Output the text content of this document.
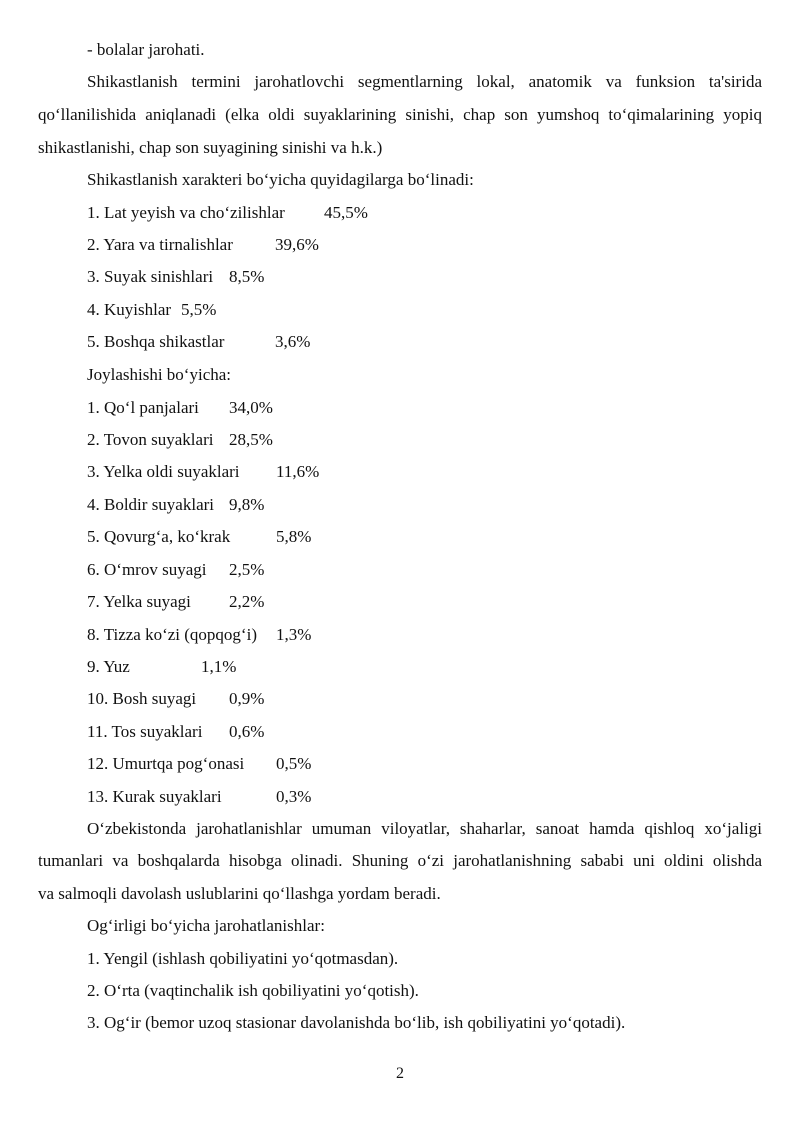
- bolalar jarohati.
Shikastlanish termini jarohatlovchi segmentlarning lokal, anatomik va funksion ta'sirida
qo‘llanilishida aniqlanadi (elka oldi suyaklarining sinishi, chap son yumshoq to‘qimalarining yopiq
shikastlanishi, chap son suyagining sinishi va h.k.)
Shikastlanish xarakteri bo‘yicha quyidagilarga bo‘linadi:
1. Lat yeyish va cho‘zilishlar 45,5%
2. Yara va tirnalishlar 39,6%
3. Suyak sinishlari 8,5%
4. Kuyishlar 5,5%
5. Boshqa shikastlar	3,6%
Joylashishi bo‘yicha:
1. Qo‘l panjalari 34,0%
2. Tovon suyaklari 28,5%
3. Yelka oldi suyaklari 11,6%
4. Boldir suyaklari 9,8%
5. Qovurg‘a, ko‘krak	5,8%
6. O‘mrov suyagi 2,5%
7. Yelka suyagi 2,2%
8. Tizza ko‘zi (qopqog‘i) 1,3%
9. Yuz	1,1%
10. Bosh suyagi 0,9%
11. Tos suyaklari 0,6%
12. Umurtqa pog‘onasi 0,5%
13. Kurak suyaklari	0,3%
O‘zbekistonda jarohatlanishlar umuman viloyatlar, shaharlar, sanoat hamda qishloq xo‘jaligi
tumanlari va boshqalarda hisobga olinadi. Shuning o‘zi jarohatlanishning sababi uni oldini olishda
va salmoqli davolash uslublarini qo‘llashga yordam beradi.
Og‘irligi bo‘yicha jarohatlanishlar:
1. Yengil (ishlash qobiliyatini yo‘qotmasdan).
2. O‘rta (vaqtinchalik ish qobiliyatini yo‘qotish).
3. Og‘ir (bemor uzoq stasionar davolanishda bo‘lib, ish qobiliyatini yo‘qotadi).
2
